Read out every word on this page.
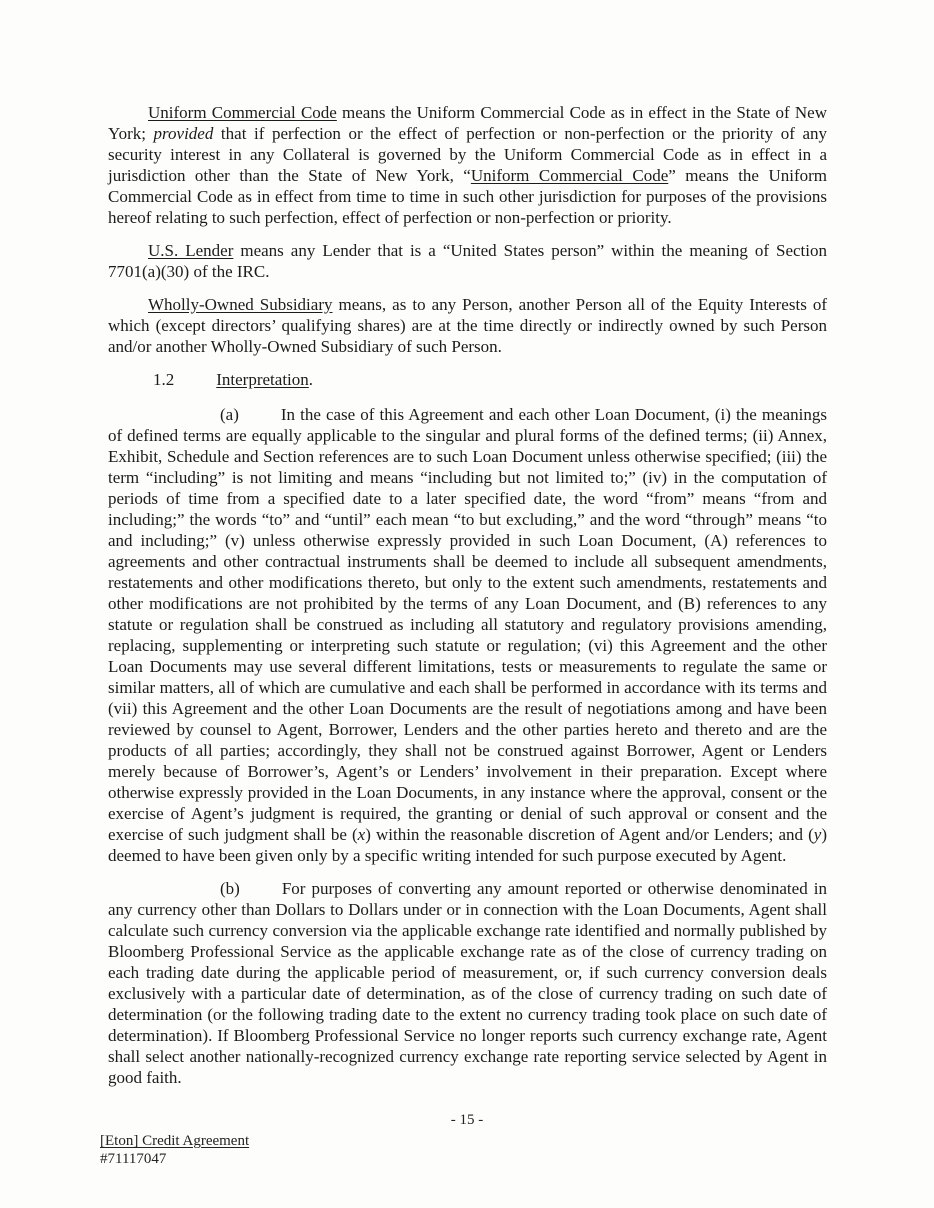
Uniform Commercial Code means the Uniform Commercial Code as in effect in the State of New York; provided that if perfection or the effect of perfection or non-perfection or the priority of any security interest in any Collateral is governed by the Uniform Commercial Code as in effect in a jurisdiction other than the State of New York, “Uniform Commercial Code” means the Uniform Commercial Code as in effect from time to time in such other jurisdiction for purposes of the provisions hereof relating to such perfection, effect of perfection or non-perfection or priority.

U.S. Lender means any Lender that is a “United States person” within the meaning of Section 7701(a)(30) of the IRC.

Wholly-Owned Subsidiary means, as to any Person, another Person all of the Equity Interests of which (except directors’ qualifying shares) are at the time directly or indirectly owned by such Person and/or another Wholly-Owned Subsidiary of such Person.

1.2 Interpretation.

(a) In the case of this Agreement and each other Loan Document, (i) the meanings of defined terms are equally applicable to the singular and plural forms of the defined terms; (ii) Annex, Exhibit, Schedule and Section references are to such Loan Document unless otherwise specified; (iii) the term “including” is not limiting and means “including but not limited to;” (iv) in the computation of periods of time from a specified date to a later specified date, the word “from” means “from and including;” the words “to” and “until” each mean “to but excluding,” and the word “through” means “to and including;” (v) unless otherwise expressly provided in such Loan Document, (A) references to agreements and other contractual instruments shall be deemed to include all subsequent amendments, restatements and other modifications thereto, but only to the extent such amendments, restatements and other modifications are not prohibited by the terms of any Loan Document, and (B) references to any statute or regulation shall be construed as including all statutory and regulatory provisions amending, replacing, supplementing or interpreting such statute or regulation; (vi) this Agreement and the other Loan Documents may use several different limitations, tests or measurements to regulate the same or similar matters, all of which are cumulative and each shall be performed in accordance with its terms and (vii) this Agreement and the other Loan Documents are the result of negotiations among and have been reviewed by counsel to Agent, Borrower, Lenders and the other parties hereto and thereto and are the products of all parties; accordingly, they shall not be construed against Borrower, Agent or Lenders merely because of Borrower’s, Agent’s or Lenders’ involvement in their preparation. Except where otherwise expressly provided in the Loan Documents, in any instance where the approval, consent or the exercise of Agent’s judgment is required, the granting or denial of such approval or consent and the exercise of such judgment shall be (x) within the reasonable discretion of Agent and/or Lenders; and (y) deemed to have been given only by a specific writing intended for such purpose executed by Agent.

(b) For purposes of converting any amount reported or otherwise denominated in any currency other than Dollars to Dollars under or in connection with the Loan Documents, Agent shall calculate such currency conversion via the applicable exchange rate identified and normally published by Bloomberg Professional Service as the applicable exchange rate as of the close of currency trading on each trading date during the applicable period of measurement, or, if such currency conversion deals exclusively with a particular date of determination, as of the close of currency trading on such date of determination (or the following trading date to the extent no currency trading took place on such date of determination). If Bloomberg Professional Service no longer reports such currency exchange rate, Agent shall select another nationally-recognized currency exchange rate reporting service selected by Agent in good faith.

- 15 -
[Eton] Credit Agreement
#71117047
